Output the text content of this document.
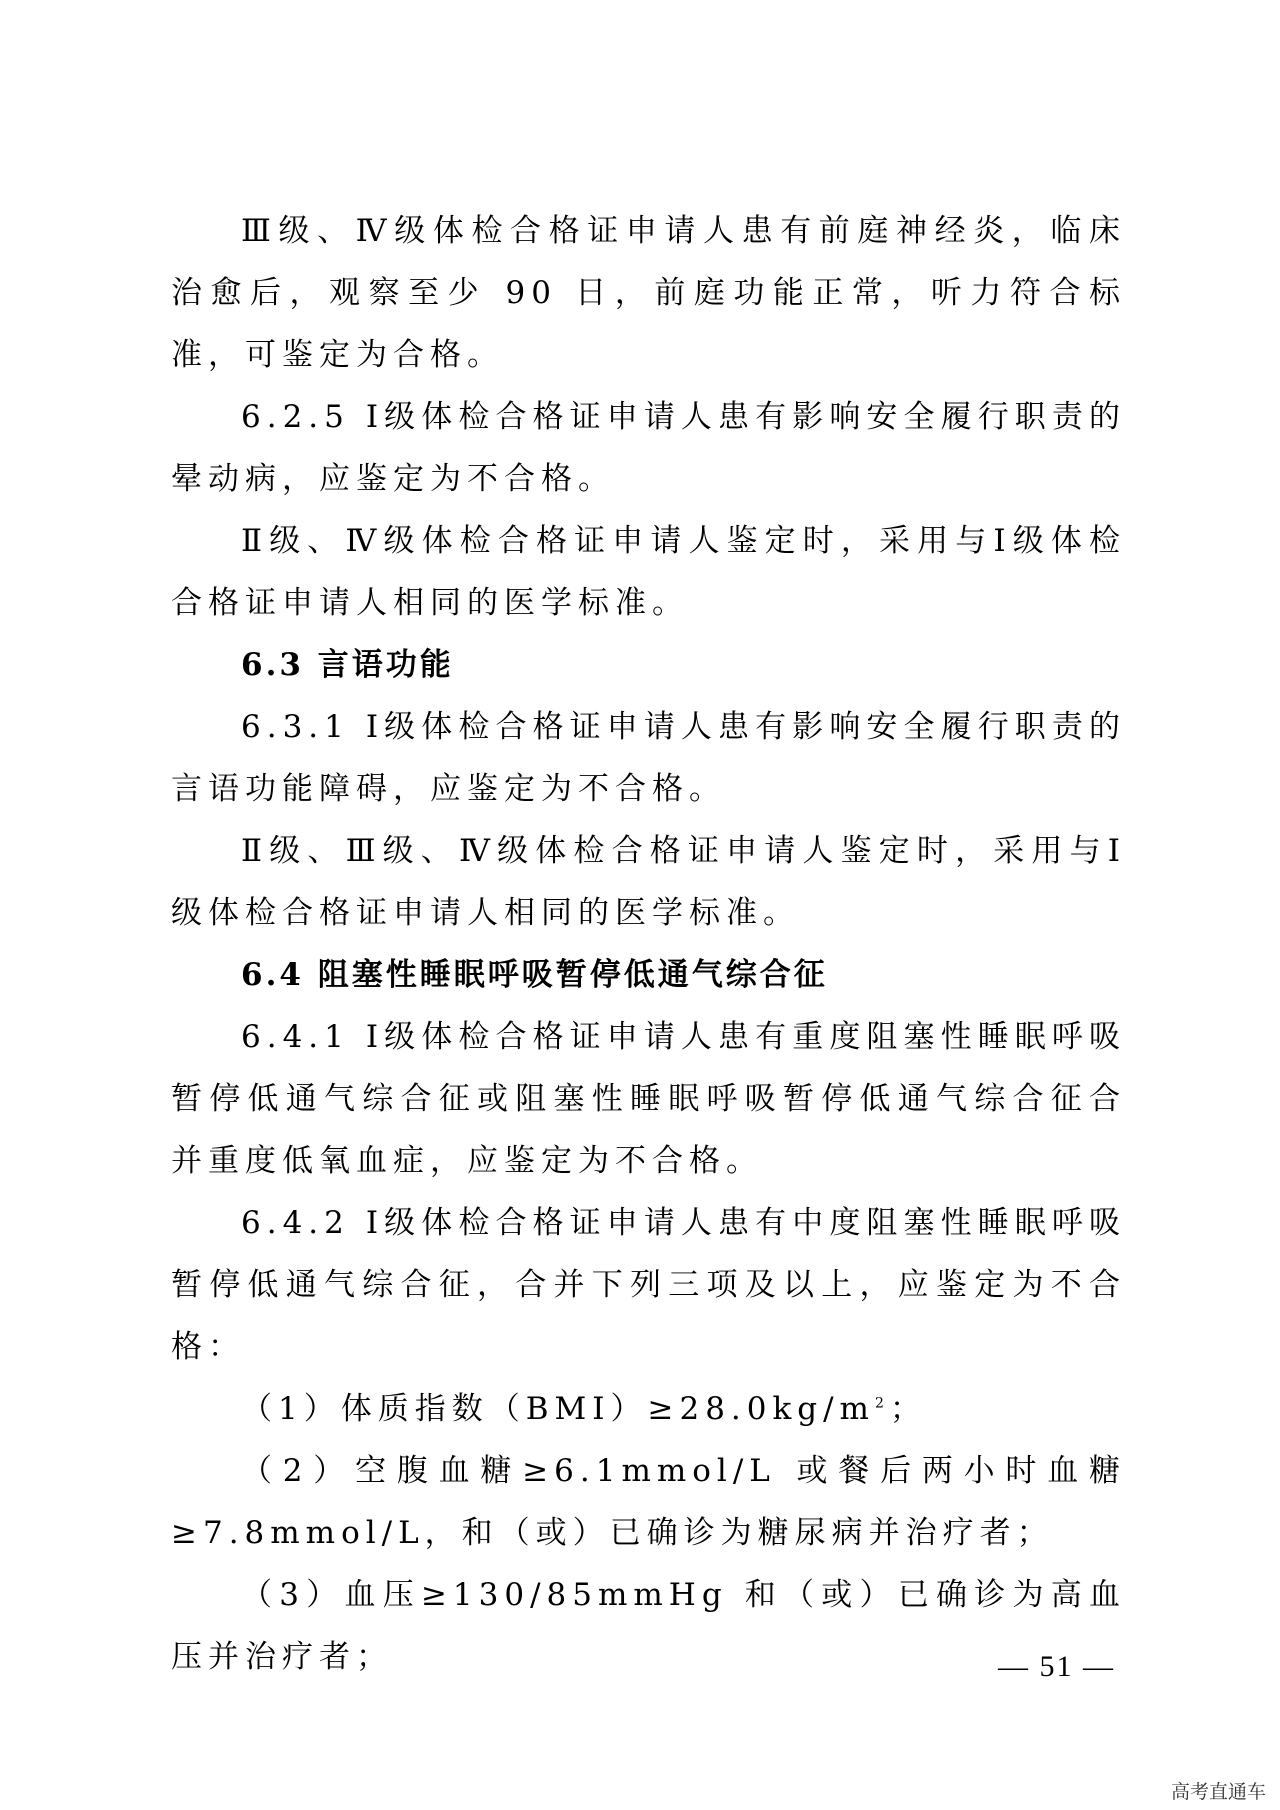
Ⅲ级、Ⅳ级体检合格证申请人患有前庭神经炎，临床治愈后，观察至少 90 日，前庭功能正常，听力符合标准，可鉴定为合格。

6.2.5 Ⅰ级体检合格证申请人患有影响安全履行职责的晕动病，应鉴定为不合格。

Ⅱ级、Ⅳ级体检合格证申请人鉴定时，采用与Ⅰ级体检合格证申请人相同的医学标准。

6.3 言语功能

6.3.1 Ⅰ级体检合格证申请人患有影响安全履行职责的言语功能障碍，应鉴定为不合格。

Ⅱ级、Ⅲ级、Ⅳ级体检合格证申请人鉴定时，采用与Ⅰ级体检合格证申请人相同的医学标准。

6.4 阻塞性睡眠呼吸暂停低通气综合征

6.4.1 Ⅰ级体检合格证申请人患有重度阻塞性睡眠呼吸暂停低通气综合征或阻塞性睡眠呼吸暂停低通气综合征合并重度低氧血症，应鉴定为不合格。

6.4.2 Ⅰ级体检合格证申请人患有中度阻塞性睡眠呼吸暂停低通气综合征，合并下列三项及以上，应鉴定为不合格：

（1）体质指数$(BMI)\ge 28.0kg/m^2$；

（2）空腹血糖≥6.1mmol/L 或餐后两小时血糖≥7.8mmol/L，和（或）已确诊为糖尿病并治疗者；

（3）血压≥130/85mmHg 和（或）已确诊为高血压并治疗者；	— 51 —
高考直通车
